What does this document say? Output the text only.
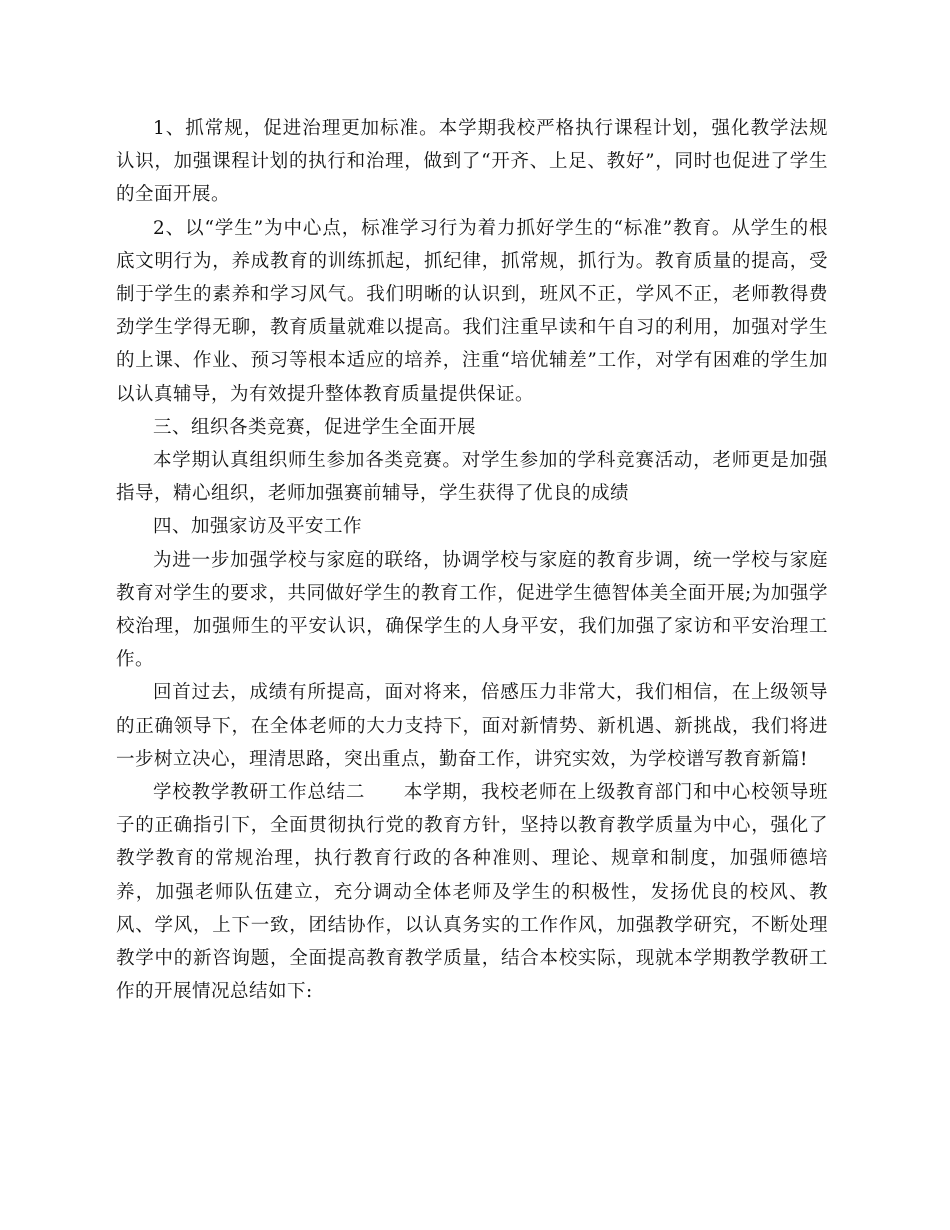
1、抓常规，促进治理更加标准。本学期我校严格执行课程计划，强化教学法规认识，加强课程计划的执行和治理，做到了“开齐、上足、教好”，同时也促进了学生的全面开展。

2、以“学生”为中心点，标准学习行为着力抓好学生的“标准”教育。从学生的根底文明行为，养成教育的训练抓起，抓纪律，抓常规，抓行为。教育质量的提高，受制于学生的素养和学习风气。我们明晰的认识到，班风不正，学风不正，老师教得费劲学生学得无聊，教育质量就难以提高。我们注重早读和午自习的利用，加强对学生的上课、作业、预习等根本适应的培养，注重“培优辅差”工作，对学有困难的学生加以认真辅导，为有效提升整体教育质量提供保证。

三、组织各类竞赛，促进学生全面开展

本学期认真组织师生参加各类竞赛。对学生参加的学科竞赛活动，老师更是加强指导，精心组织，老师加强赛前辅导，学生获得了优良的成绩

四、加强家访及平安工作

为进一步加强学校与家庭的联络，协调学校与家庭的教育步调，统一学校与家庭教育对学生的要求，共同做好学生的教育工作，促进学生德智体美全面开展;为加强学校治理，加强师生的平安认识，确保学生的人身平安，我们加强了家访和平安治理工作。

回首过去，成绩有所提高，面对将来，倍感压力非常大，我们相信，在上级领导的正确领导下，在全体老师的大力支持下，面对新情势、新机遇、新挑战，我们将进一步树立决心，理清思路，突出重点，勤奋工作，讲究实效，为学校谱写教育新篇!

学校教学教研工作总结二　　本学期，我校老师在上级教育部门和中心校领导班子的正确指引下，全面贯彻执行党的教育方针，坚持以教育教学质量为中心，强化了教学教育的常规治理，执行教育行政的各种准则、理论、规章和制度，加强师德培养，加强老师队伍建立，充分调动全体老师及学生的积极性，发扬优良的校风、教风、学风，上下一致，团结协作，以认真务实的工作作风，加强教学研究，不断处理教学中的新咨询题，全面提高教育教学质量，结合本校实际，现就本学期教学教研工作的开展情况总结如下:
